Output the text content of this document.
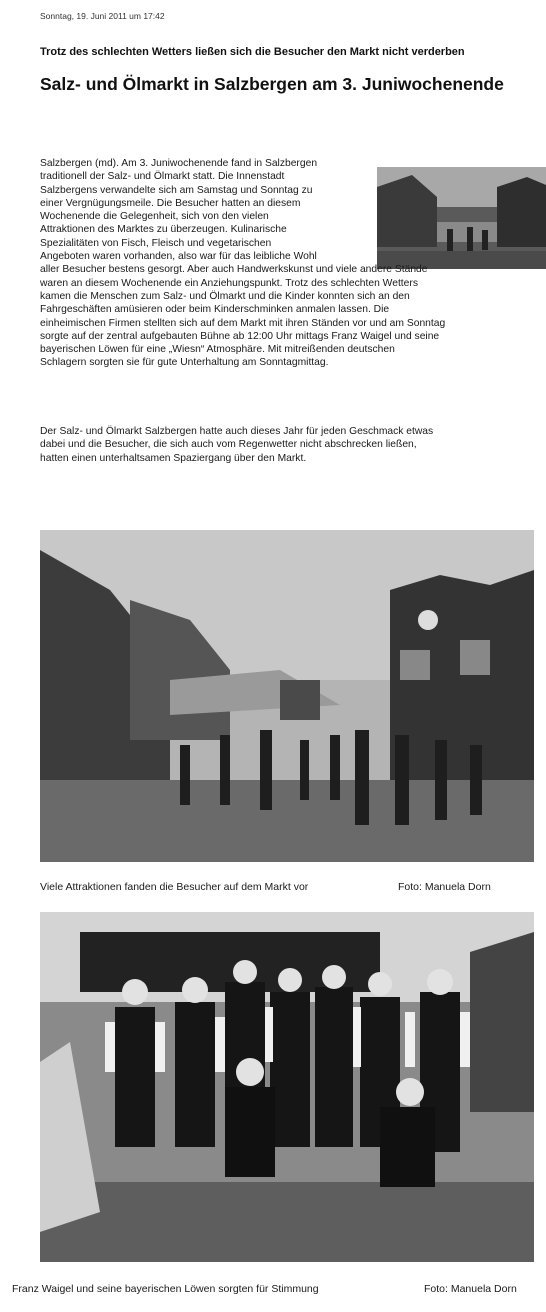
Sonntag, 19. Juni 2011 um 17:42
Trotz des schlechten Wetters ließen sich die Besucher den Markt nicht verderben
Salz- und Ölmarkt in Salzbergen am 3. Juniwochenende
Salzbergen (md). Am 3. Juniwochenende fand in Salzbergen
traditionell der Salz- und Ölmarkt statt. Die Innenstadt
Salzbergens verwandelte sich am Samstag und Sonntag zu
einer Vergnügungsmeile. Die Besucher hatten an diesem
Wochenende die Gelegenheit, sich von den vielen
Attraktionen des Marktes zu überzeugen. Kulinarische
Spezialitäten von Fisch, Fleisch und vegetarischen
Angeboten waren vorhanden, also war für das leibliche Wohl
aller Besucher bestens gesorgt. Aber auch Handwerkskunst und viele andere Stände
waren an diesem Wochenende ein Anziehungspunkt. Trotz des schlechten Wetters
kamen die Menschen zum Salz- und Ölmarkt und die Kinder konnten sich an den
Fahrgeschäften amüsieren oder beim Kinderschminken anmalen lassen. Die
einheimischen Firmen stellten sich auf dem Markt mit ihren Ständen vor und am Sonntag
sorgte auf der zentral aufgebauten Bühne ab 12:00 Uhr mittags Franz Waigel und seine
bayerischen Löwen für eine „Wiesn“ Atmosphäre. Mit mitreißenden deutschen
Schlagern sorgten sie für gute Unterhaltung am Sonntagmittag.
Der Salz- und Ölmarkt Salzbergen hatte auch dieses Jahr für jeden Geschmack etwas
dabei und die Besucher, die sich auch vom Regenwetter nicht abschrecken ließen,
hatten einen unterhaltsamen Spaziergang über den Markt.
Viele Attraktionen fanden die Besucher auf dem Markt vor	Foto: Manuela Dorn
Franz Waigel und seine bayerischen Löwen sorgten für Stimmung	Foto: Manuela Dorn
